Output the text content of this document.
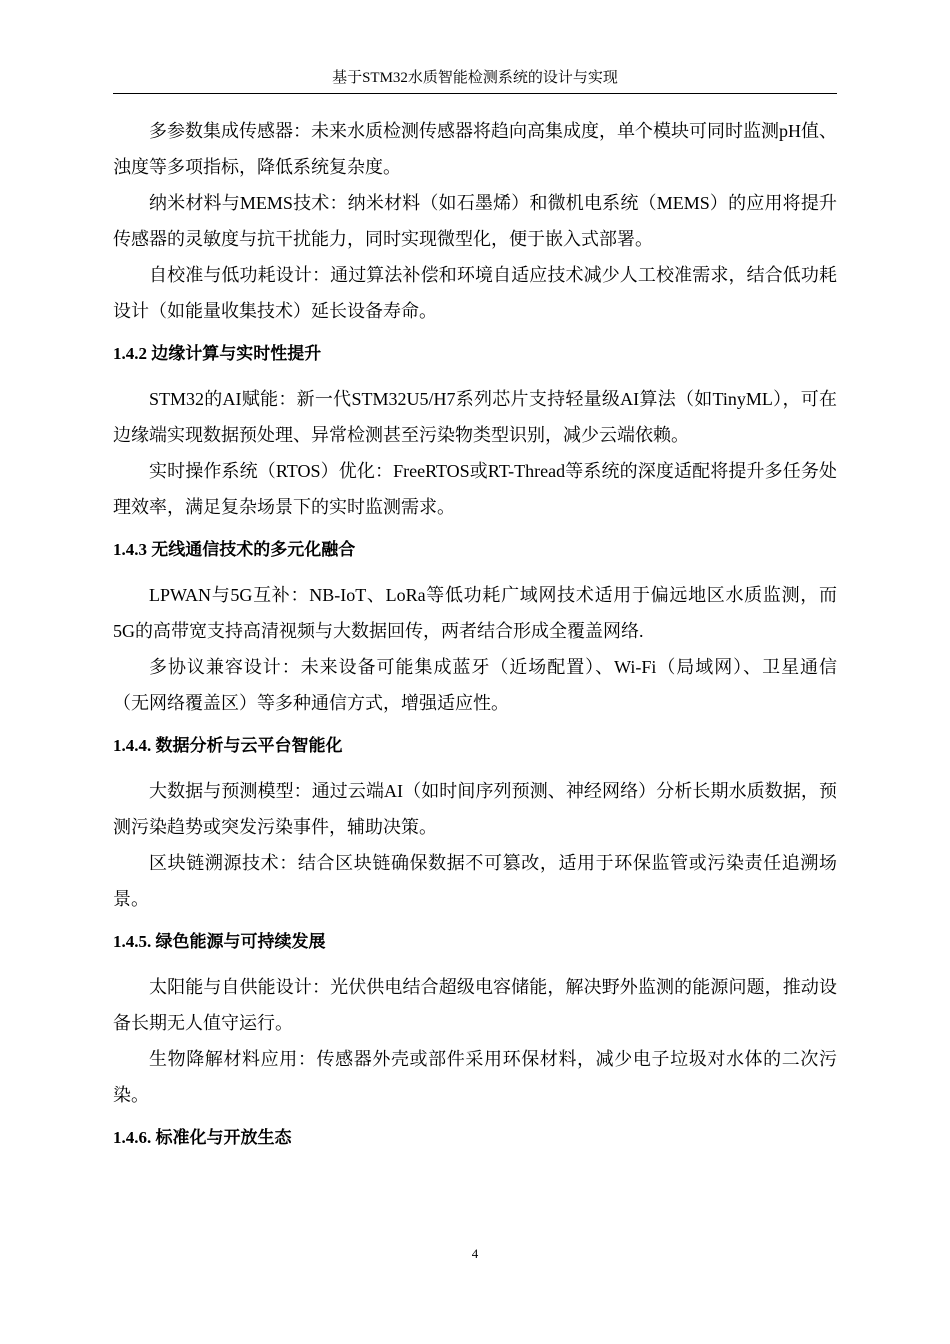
基于STM32水质智能检测系统的设计与实现

多参数集成传感器：未来水质检测传感器将趋向高集成度，单个模块可同时监测pH值、浊度等多项指标，降低系统复杂度。

纳米材料与MEMS技术：纳米材料（如石墨烯）和微机电系统（MEMS）的应用将提升传感器的灵敏度与抗干扰能力，同时实现微型化，便于嵌入式部署。

自校准与低功耗设计：通过算法补偿和环境自适应技术减少人工校准需求，结合低功耗设计（如能量收集技术）延长设备寿命。

1.4.2 边缘计算与实时性提升

STM32的AI赋能：新一代STM32U5/H7系列芯片支持轻量级AI算法（如TinyML），可在边缘端实现数据预处理、异常检测甚至污染物类型识别，减少云端依赖。

实时操作系统（RTOS）优化：FreeRTOS或RT-Thread等系统的深度适配将提升多任务处理效率，满足复杂场景下的实时监测需求。

1.4.3 无线通信技术的多元化融合

LPWAN与5G互补：NB-IoT、LoRa等低功耗广域网技术适用于偏远地区水质监测，而5G的高带宽支持高清视频与大数据回传，两者结合形成全覆盖网络.

多协议兼容设计：未来设备可能集成蓝牙（近场配置）、Wi-Fi（局域网）、卫星通信（无网络覆盖区）等多种通信方式，增强适应性。

1.4.4. 数据分析与云平台智能化

大数据与预测模型：通过云端AI（如时间序列预测、神经网络）分析长期水质数据，预测污染趋势或突发污染事件，辅助决策。

区块链溯源技术：结合区块链确保数据不可篡改，适用于环保监管或污染责任追溯场景。

1.4.5. 绿色能源与可持续发展

太阳能与自供能设计：光伏供电结合超级电容储能，解决野外监测的能源问题，推动设备长期无人值守运行。

生物降解材料应用：传感器外壳或部件采用环保材料，减少电子垃圾对水体的二次污染。

1.4.6. 标准化与开放生态
4
